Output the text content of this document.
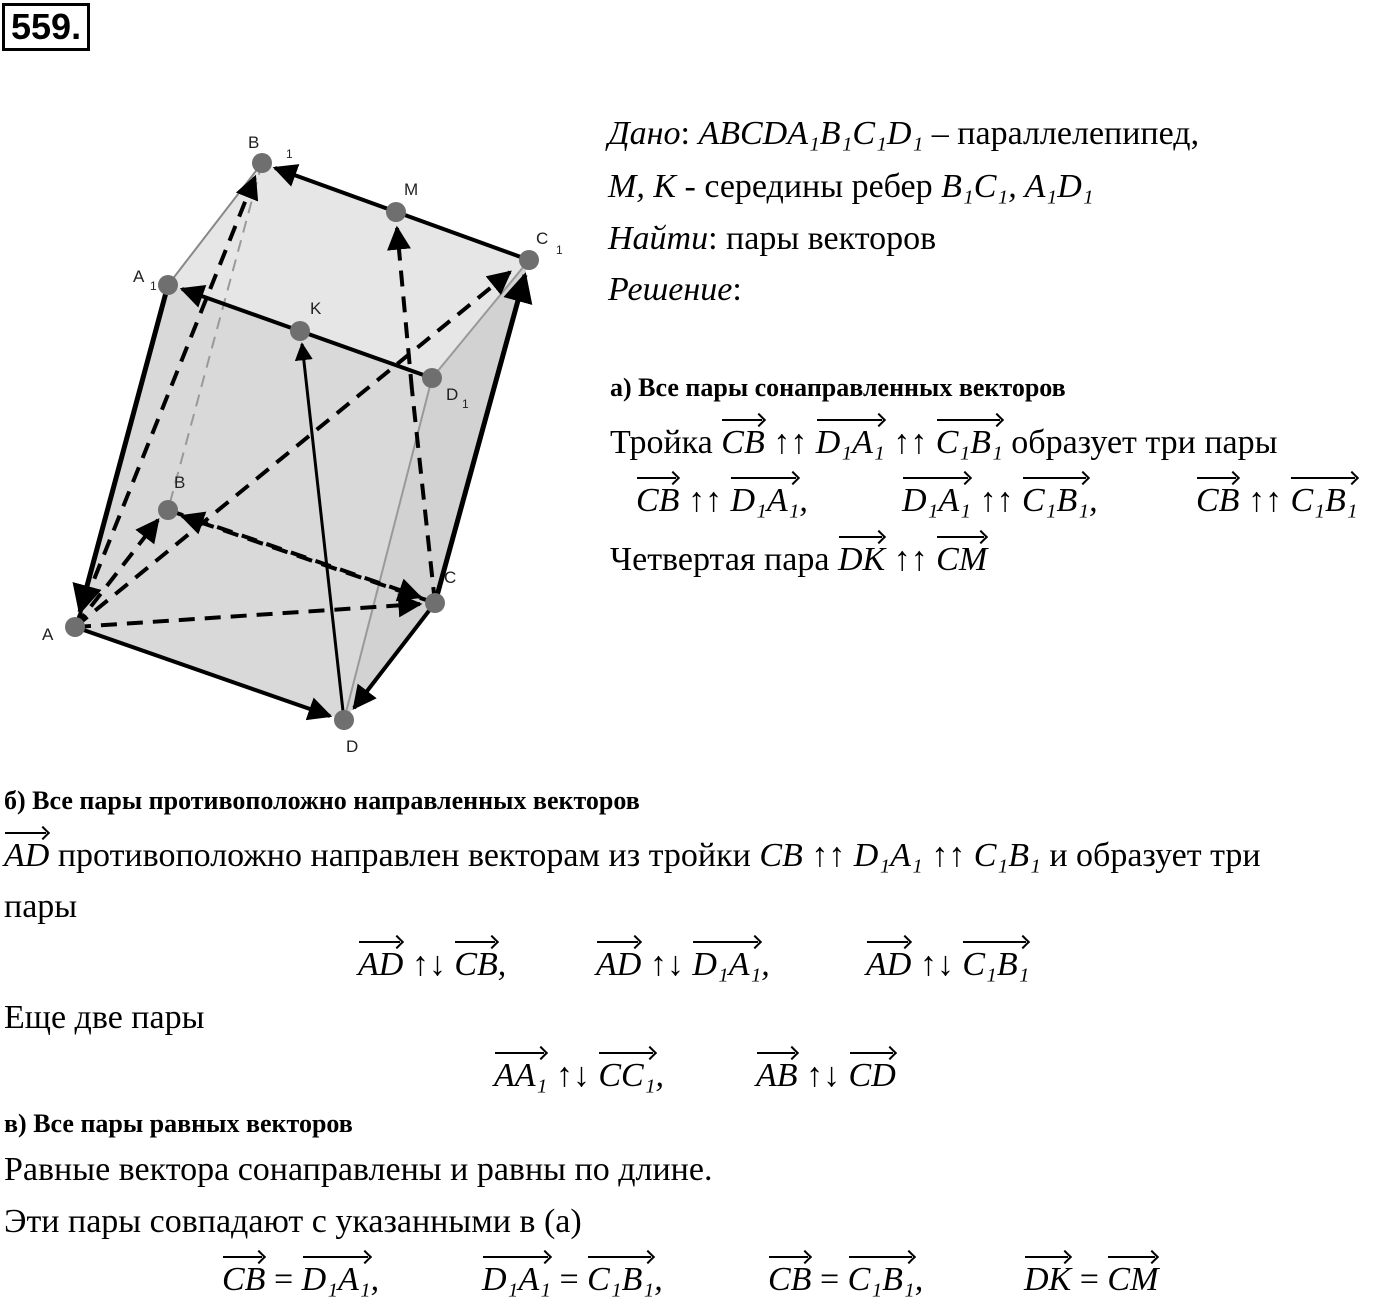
559.
A
B
C
D
A 1
B
1
C
1
D 1
M
K
Дано: ABCDA₁B₁C₁D₁ – параллелепипед,
M, K - середины ребер B₁C₁, A₁D₁
Найти: пары векторов
Решение:
а) Все пары сонаправленных векторов
Тройка CB ↑↑ D₁A₁ ↑↑ C₁B₁ образует три пары
CB ↑↑ D₁A₁,	D₁A₁ ↑↑ C₁B₁,	CB ↑↑ C₁B₁
Четвертая пара DK ↑↑ CM
б) Все пары противоположно направленных векторов
AD противоположно направлен векторам из тройки CB ↑↑ D₁A₁ ↑↑ C₁B₁ и образует три
пары
AD ↑↓ CB,	AD ↑↓ D₁A₁,	AD ↑↓ C₁B₁
Еще две пары
AA₁ ↑↓ CC₁,	AB ↑↓ CD
в) Все пары равных векторов
Равные вектора сонаправлены и равны по длине.
Эти пары совпадают с указанными в (а)
CB = D₁A₁,	D₁A₁ = C₁B₁,	CB = C₁B₁,	DK = CM
